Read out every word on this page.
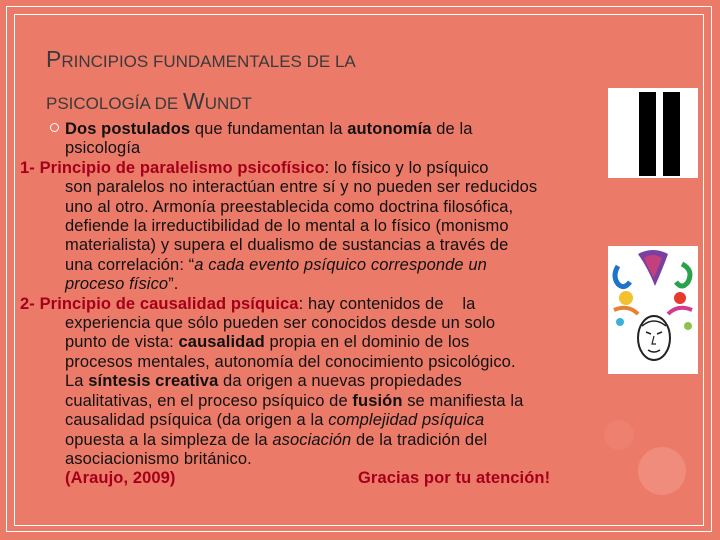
PRINCIPIOS FUNDAMENTALES DE LA
PSICOLOGÍA DE WUNDT

Dos postulados que fundamentan la autonomía de la

psicología

1- Principio de paralelismo psicofísico: lo físico y lo psíquico

son paralelos no interactúan entre sí y no pueden ser reducidos

uno al otro. Armonía preestablecida como doctrina filosófica,

defiende la irreductibilidad de lo mental a lo físico (monismo

materialista) y supera el dualismo de sustancias a través de

una correlación: “a cada evento psíquico corresponde un

proceso físico”.

2- Principio de causalidad psíquica: hay contenidos de    la

experiencia que sólo pueden ser conocidos desde un solo

punto de vista: causalidad propia en el dominio de los

procesos mentales, autonomía del conocimiento psicológico.

La síntesis creativa da origen a nuevas propiedades

cualitativas, en el proceso psíquico de fusión se manifiesta la

causalidad psíquica (da origen a la complejidad psíquica

opuesta a la simpleza de la asociación de la tradición del

asociacionismo británico.

(Araujo, 2009)	Gracias por tu atención!
